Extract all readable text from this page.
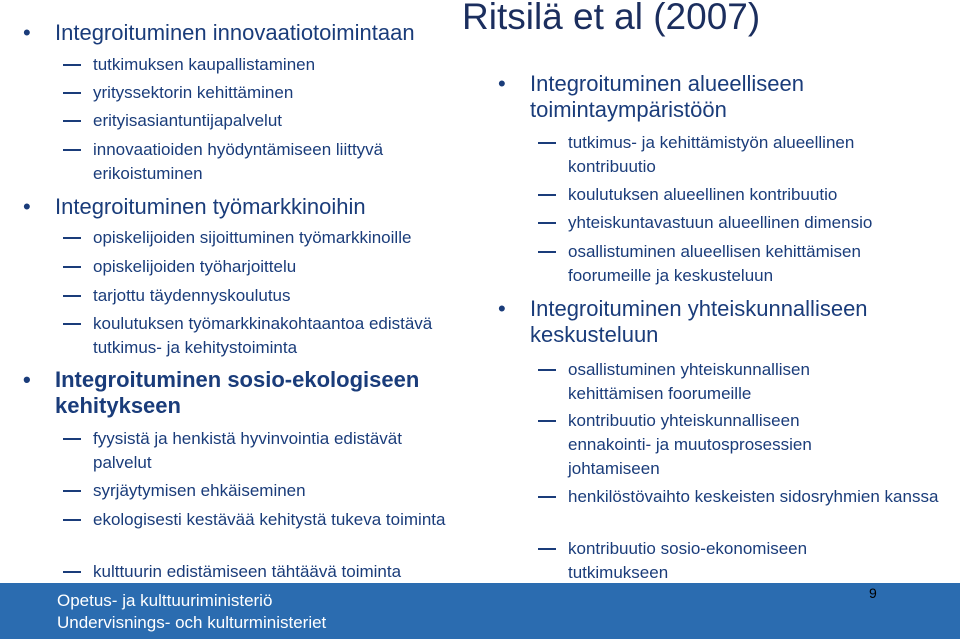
Ritsilä et al (2007)
• Integroituminen innovaatiotoimintaan
tutkimuksen kaupallistaminen
yrityssektorin kehittäminen
erityisasiantuntijapalvelut
innovaatioiden hyödyntämiseen liittyvä erikoistuminen
• Integroituminen työmarkkinoihin
opiskelijoiden sijoittuminen työmarkkinoille
opiskelijoiden työharjoittelu
tarjottu täydennyskoulutus
koulutuksen työmarkkinakohtaantoa edistävä tutkimus- ja kehitystoiminta
• Integroituminen sosio-ekologiseen kehitykseen
fyysistä ja henkistä hyvinvointia edistävät palvelut
syrjäytymisen ehkäiseminen
ekologisesti kestävää kehitystä tukeva toiminta
kulttuurin edistämiseen tähtäävä toiminta
• Integroituminen alueelliseen toimintaympäristöön
tutkimus- ja kehittämistyön alueellinen kontribuutio
koulutuksen alueellinen kontribuutio
yhteiskuntavastuun alueellinen dimensio
osallistuminen alueellisen kehittämisen foorumeille ja keskusteluun
• Integroituminen yhteiskunnalliseen keskusteluun
osallistuminen yhteiskunnallisen kehittämisen foorumeille
kontribuutio yhteiskunnalliseen ennakointi- ja muutosprosessien johtamiseen
henkilöstövaihto keskeisten sidosryhmien kanssa
kontribuutio sosio-ekonomiseen tutkimukseen
Opetus- ja kulttuuriministeriö
Undervisnings- och kulturministeriet
9
